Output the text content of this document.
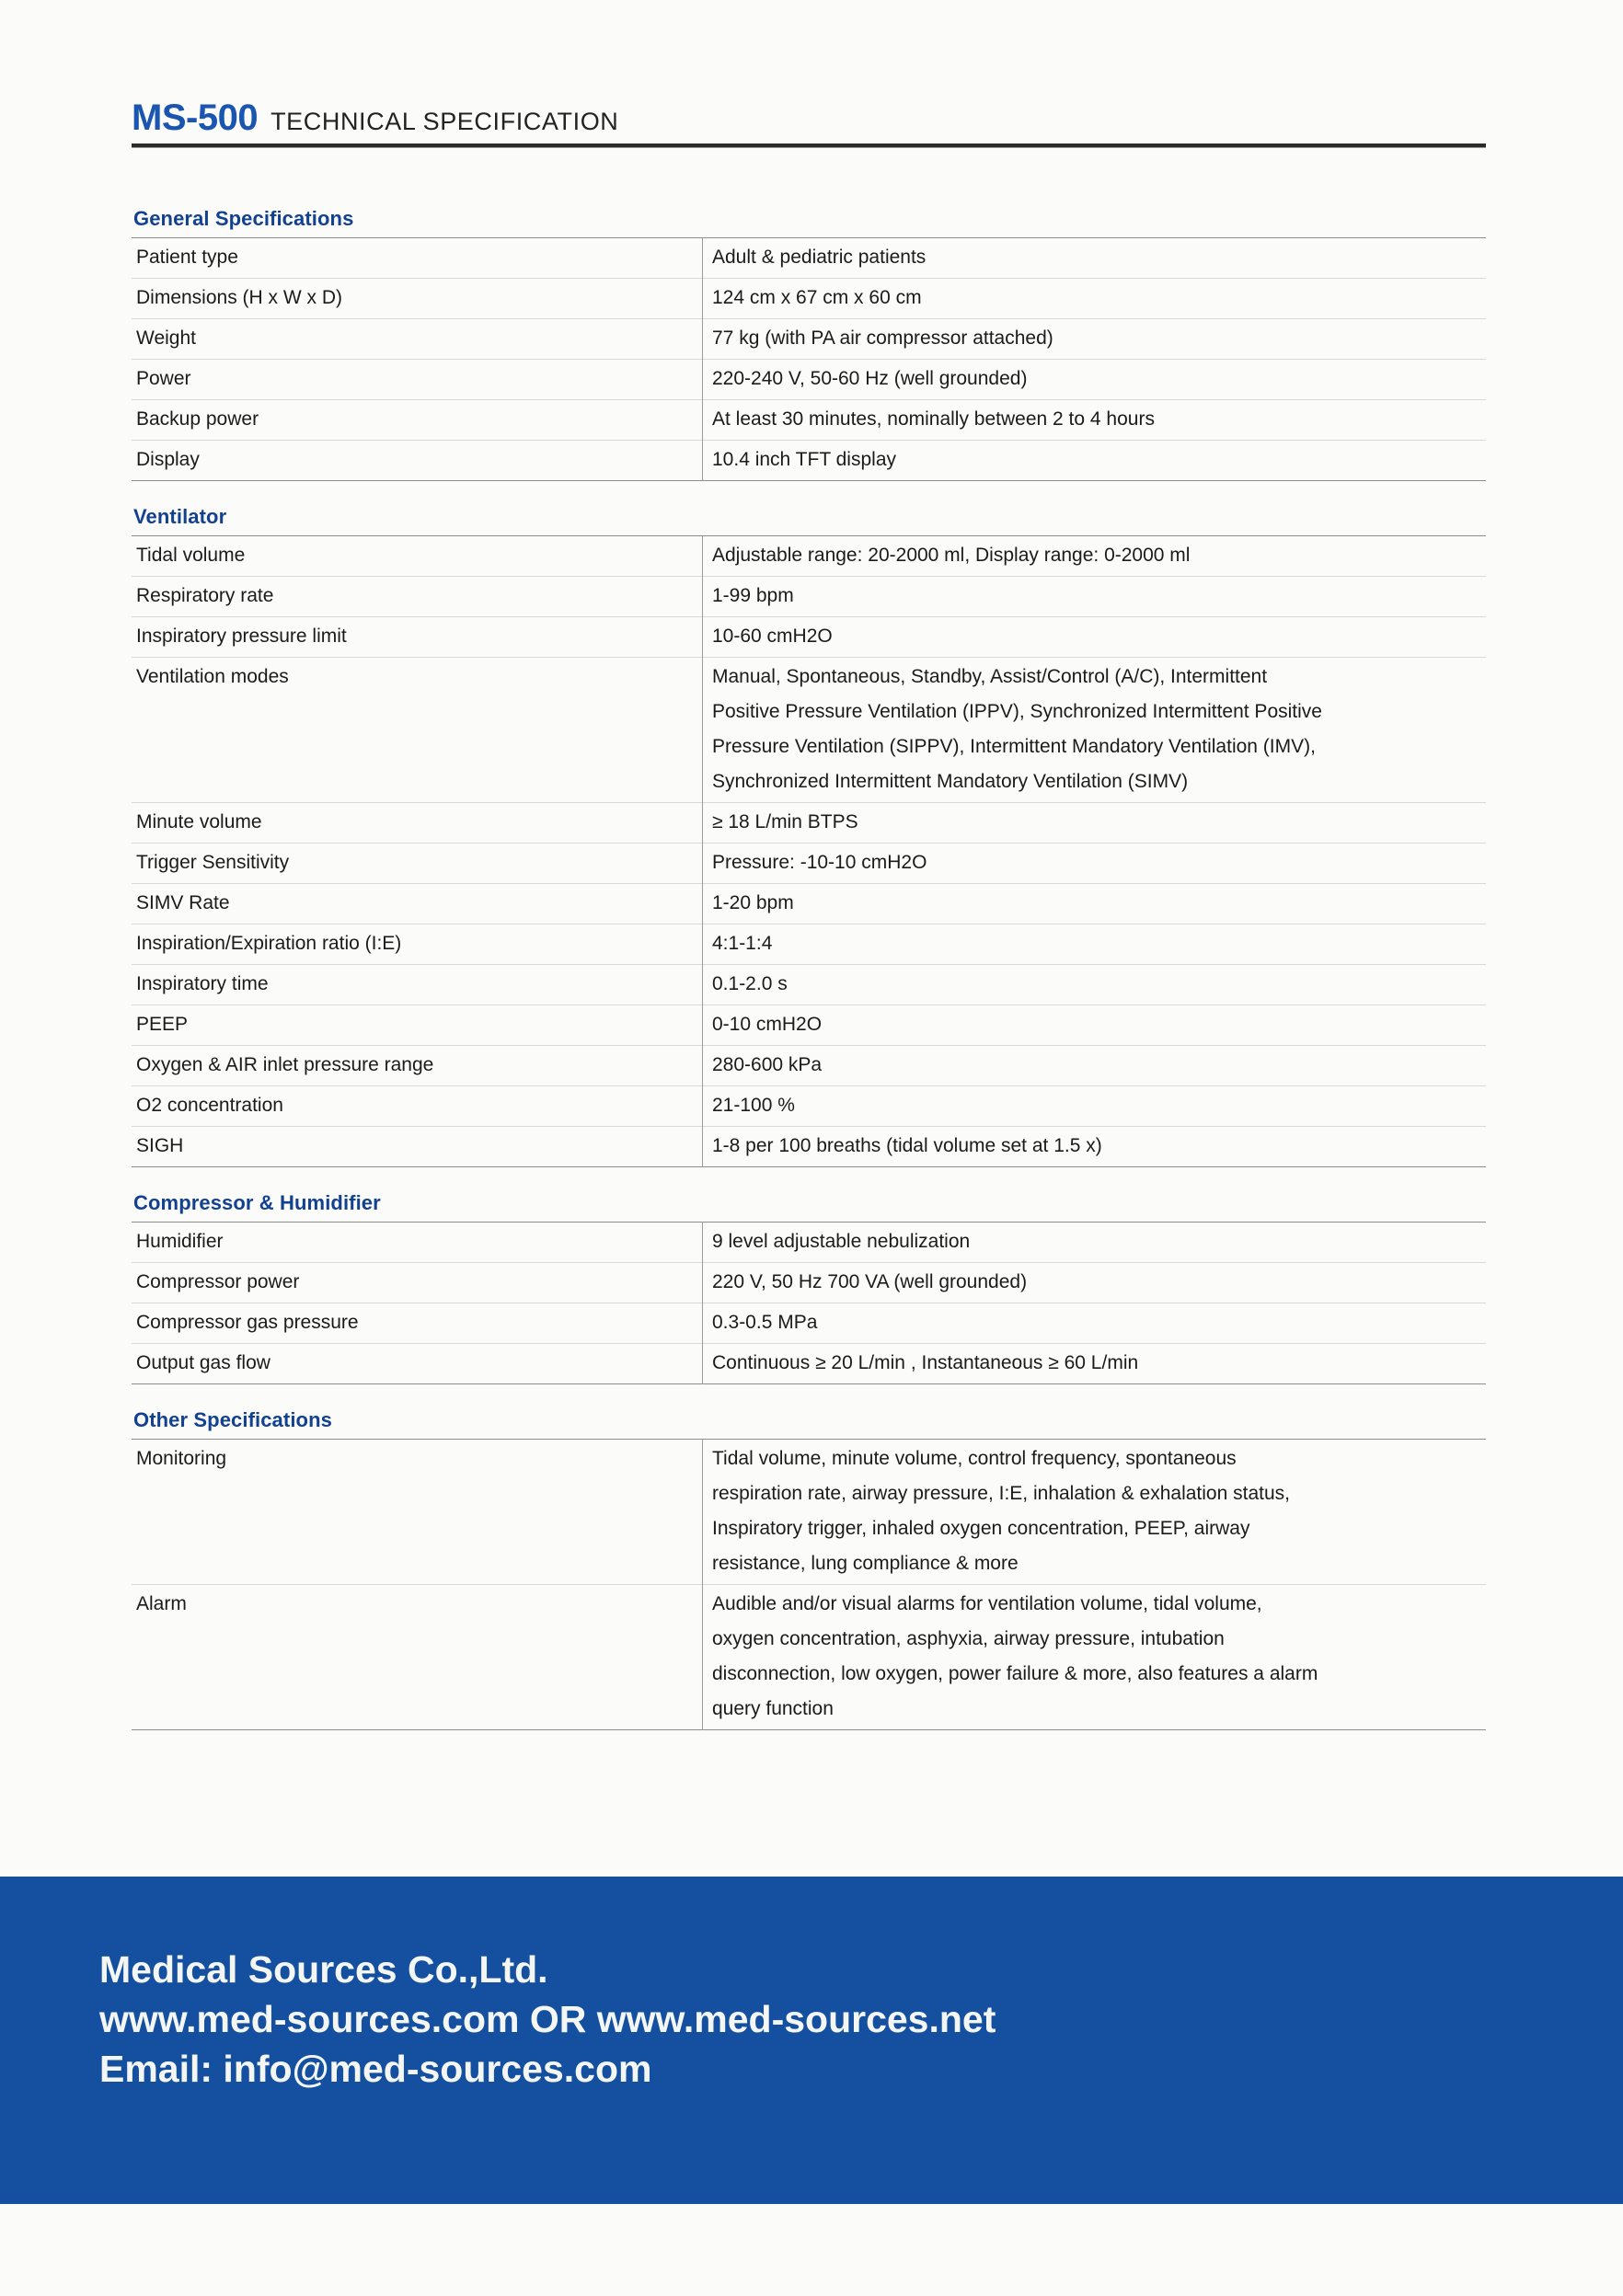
MS-500 TECHNICAL SPECIFICATION
General Specifications
Patient type	Adult & pediatric patients

Dimensions (H x W x D)	124 cm x 67 cm x 60 cm

Weight	77 kg (with PA air compressor attached)

Power	220-240 V, 50-60 Hz (well grounded)

Backup power	At least 30 minutes, nominally between 2 to 4 hours

Display	10.4 inch TFT display
Ventilator
Tidal volume	Adjustable range: 20-2000 ml, Display range: 0-2000 ml

Respiratory rate	1-99 bpm

Inspiratory pressure limit	10-60 cmH2O

Ventilation modes	Manual, Spontaneous, Standby, Assist/Control (A/C), Intermittent
Positive Pressure Ventilation (IPPV), Synchronized Intermittent Positive
Pressure Ventilation (SIPPV), Intermittent Mandatory Ventilation (IMV),
Synchronized Intermittent Mandatory Ventilation (SIMV)

Minute volume	≥ 18 L/min BTPS

Trigger Sensitivity	Pressure: -10-10 cmH2O

SIMV Rate	1-20 bpm

Inspiration/Expiration ratio (I:E)	4:1-1:4

Inspiratory time	0.1-2.0 s

PEEP	0-10 cmH2O

Oxygen & AIR inlet pressure range	280-600 kPa

O2 concentration	21-100 %

SIGH	1-8 per 100 breaths (tidal volume set at 1.5 x)
Compressor & Humidifier
Humidifier	9 level adjustable nebulization

Compressor power	220 V, 50 Hz 700 VA (well grounded)

Compressor gas pressure	0.3-0.5 MPa

Output gas flow	Continuous ≥ 20 L/min , Instantaneous ≥ 60 L/min
Other Specifications
Monitoring	Tidal volume, minute volume, control frequency, spontaneous
respiration rate, airway pressure, I:E, inhalation & exhalation status,
Inspiratory trigger, inhaled oxygen concentration, PEEP, airway
resistance, lung compliance & more

Alarm	Audible and/or visual alarms for ventilation volume, tidal volume,
oxygen concentration, asphyxia, airway pressure, intubation
disconnection, low oxygen, power failure & more, also features a alarm
query function
Medical Sources Co.,Ltd.
www.med-sources.com OR www.med-sources.net
Email: info@med-sources.com
